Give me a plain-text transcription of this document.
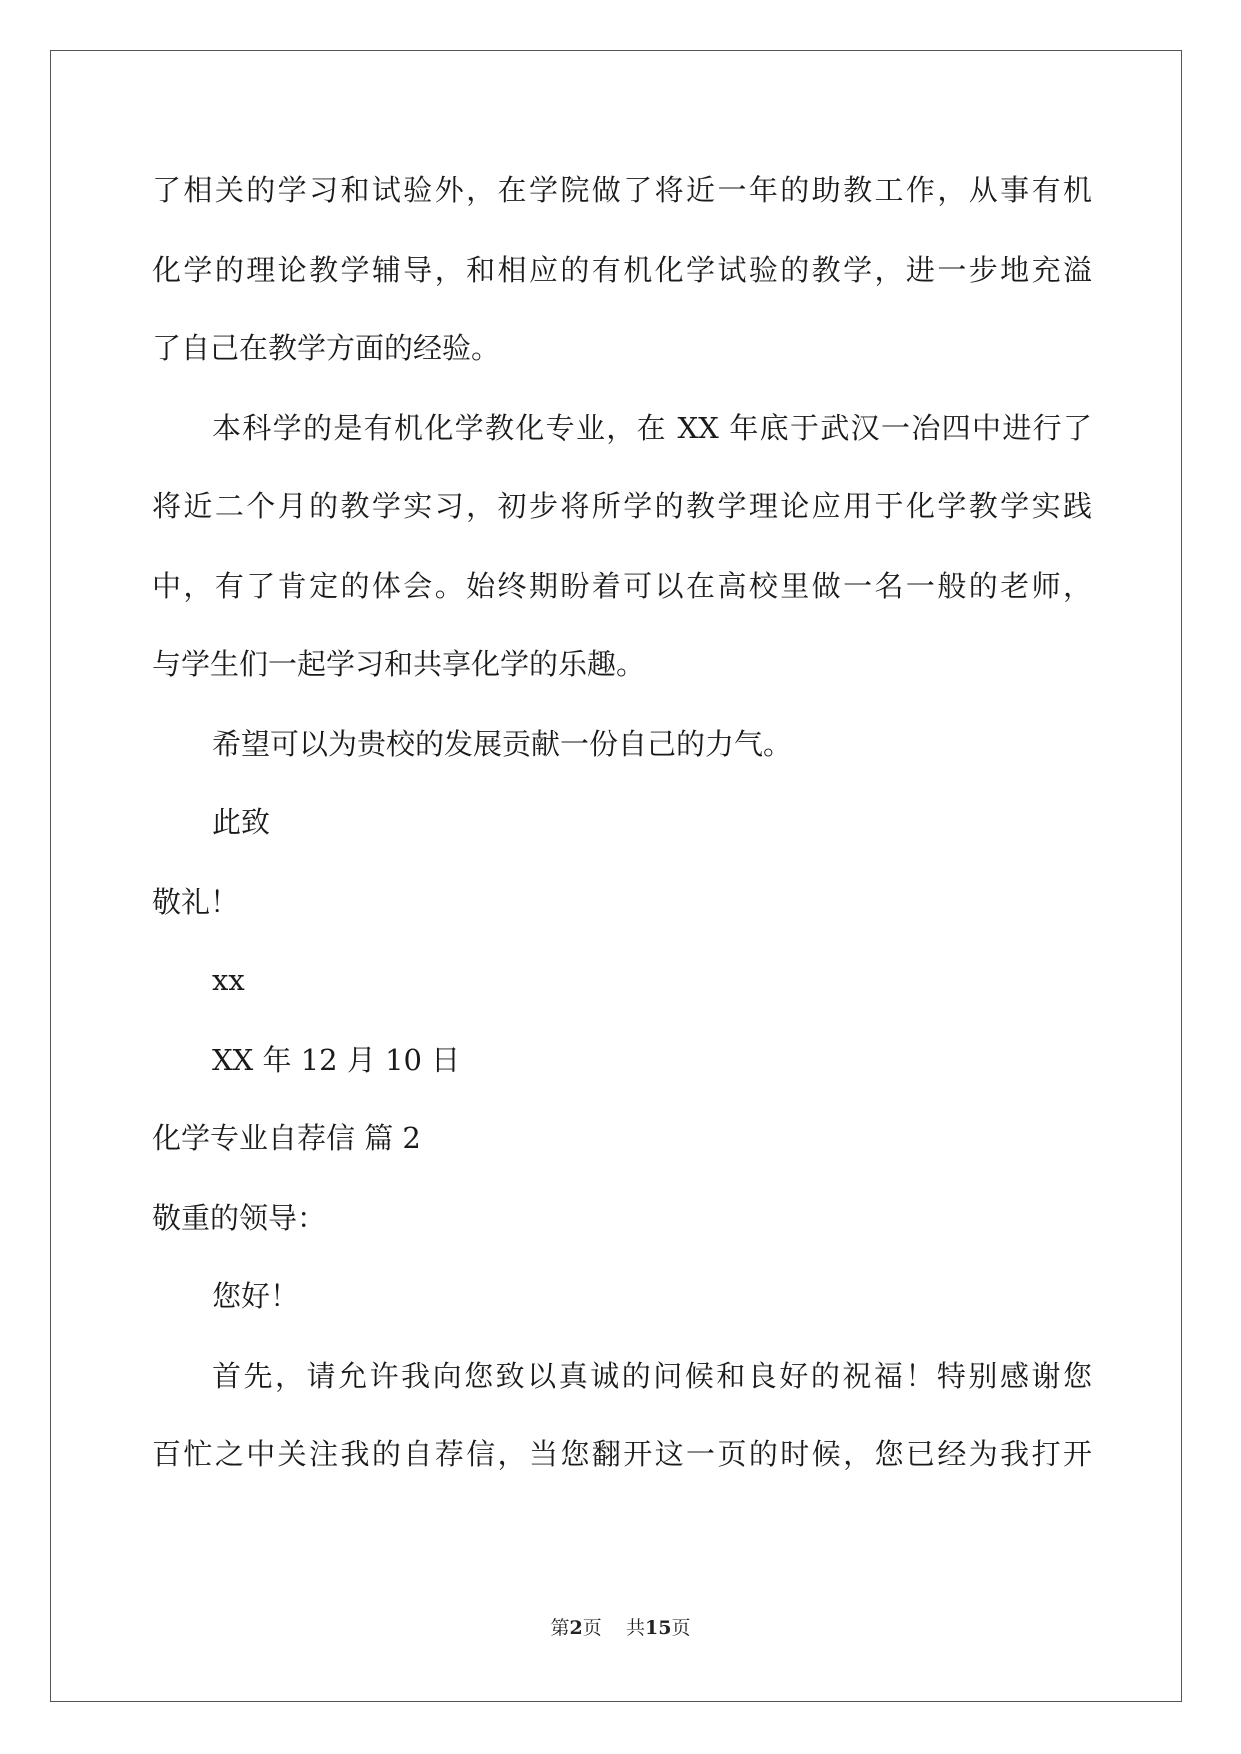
了相关的学习和试验外，在学院做了将近一年的助教工作，从事有机
化学的理论教学辅导，和相应的有机化学试验的教学，进一步地充溢
了自己在教学方面的经验。
本科学的是有机化学教化专业，在 XX 年底于武汉一冶四中进行了
将近二个月的教学实习，初步将所学的教学理论应用于化学教学实践
中，有了肯定的体会。始终期盼着可以在高校里做一名一般的老师，
与学生们一起学习和共享化学的乐趣。
希望可以为贵校的发展贡献一份自己的力气。
此致
敬礼！
xx
XX 年 12 月 10 日
化学专业自荐信 篇 2
敬重的领导：
您好！
首先，请允许我向您致以真诚的问候和良好的祝福！特别感谢您
百忙之中关注我的自荐信，当您翻开这一页的时候，您已经为我打开
第2页 共15页
